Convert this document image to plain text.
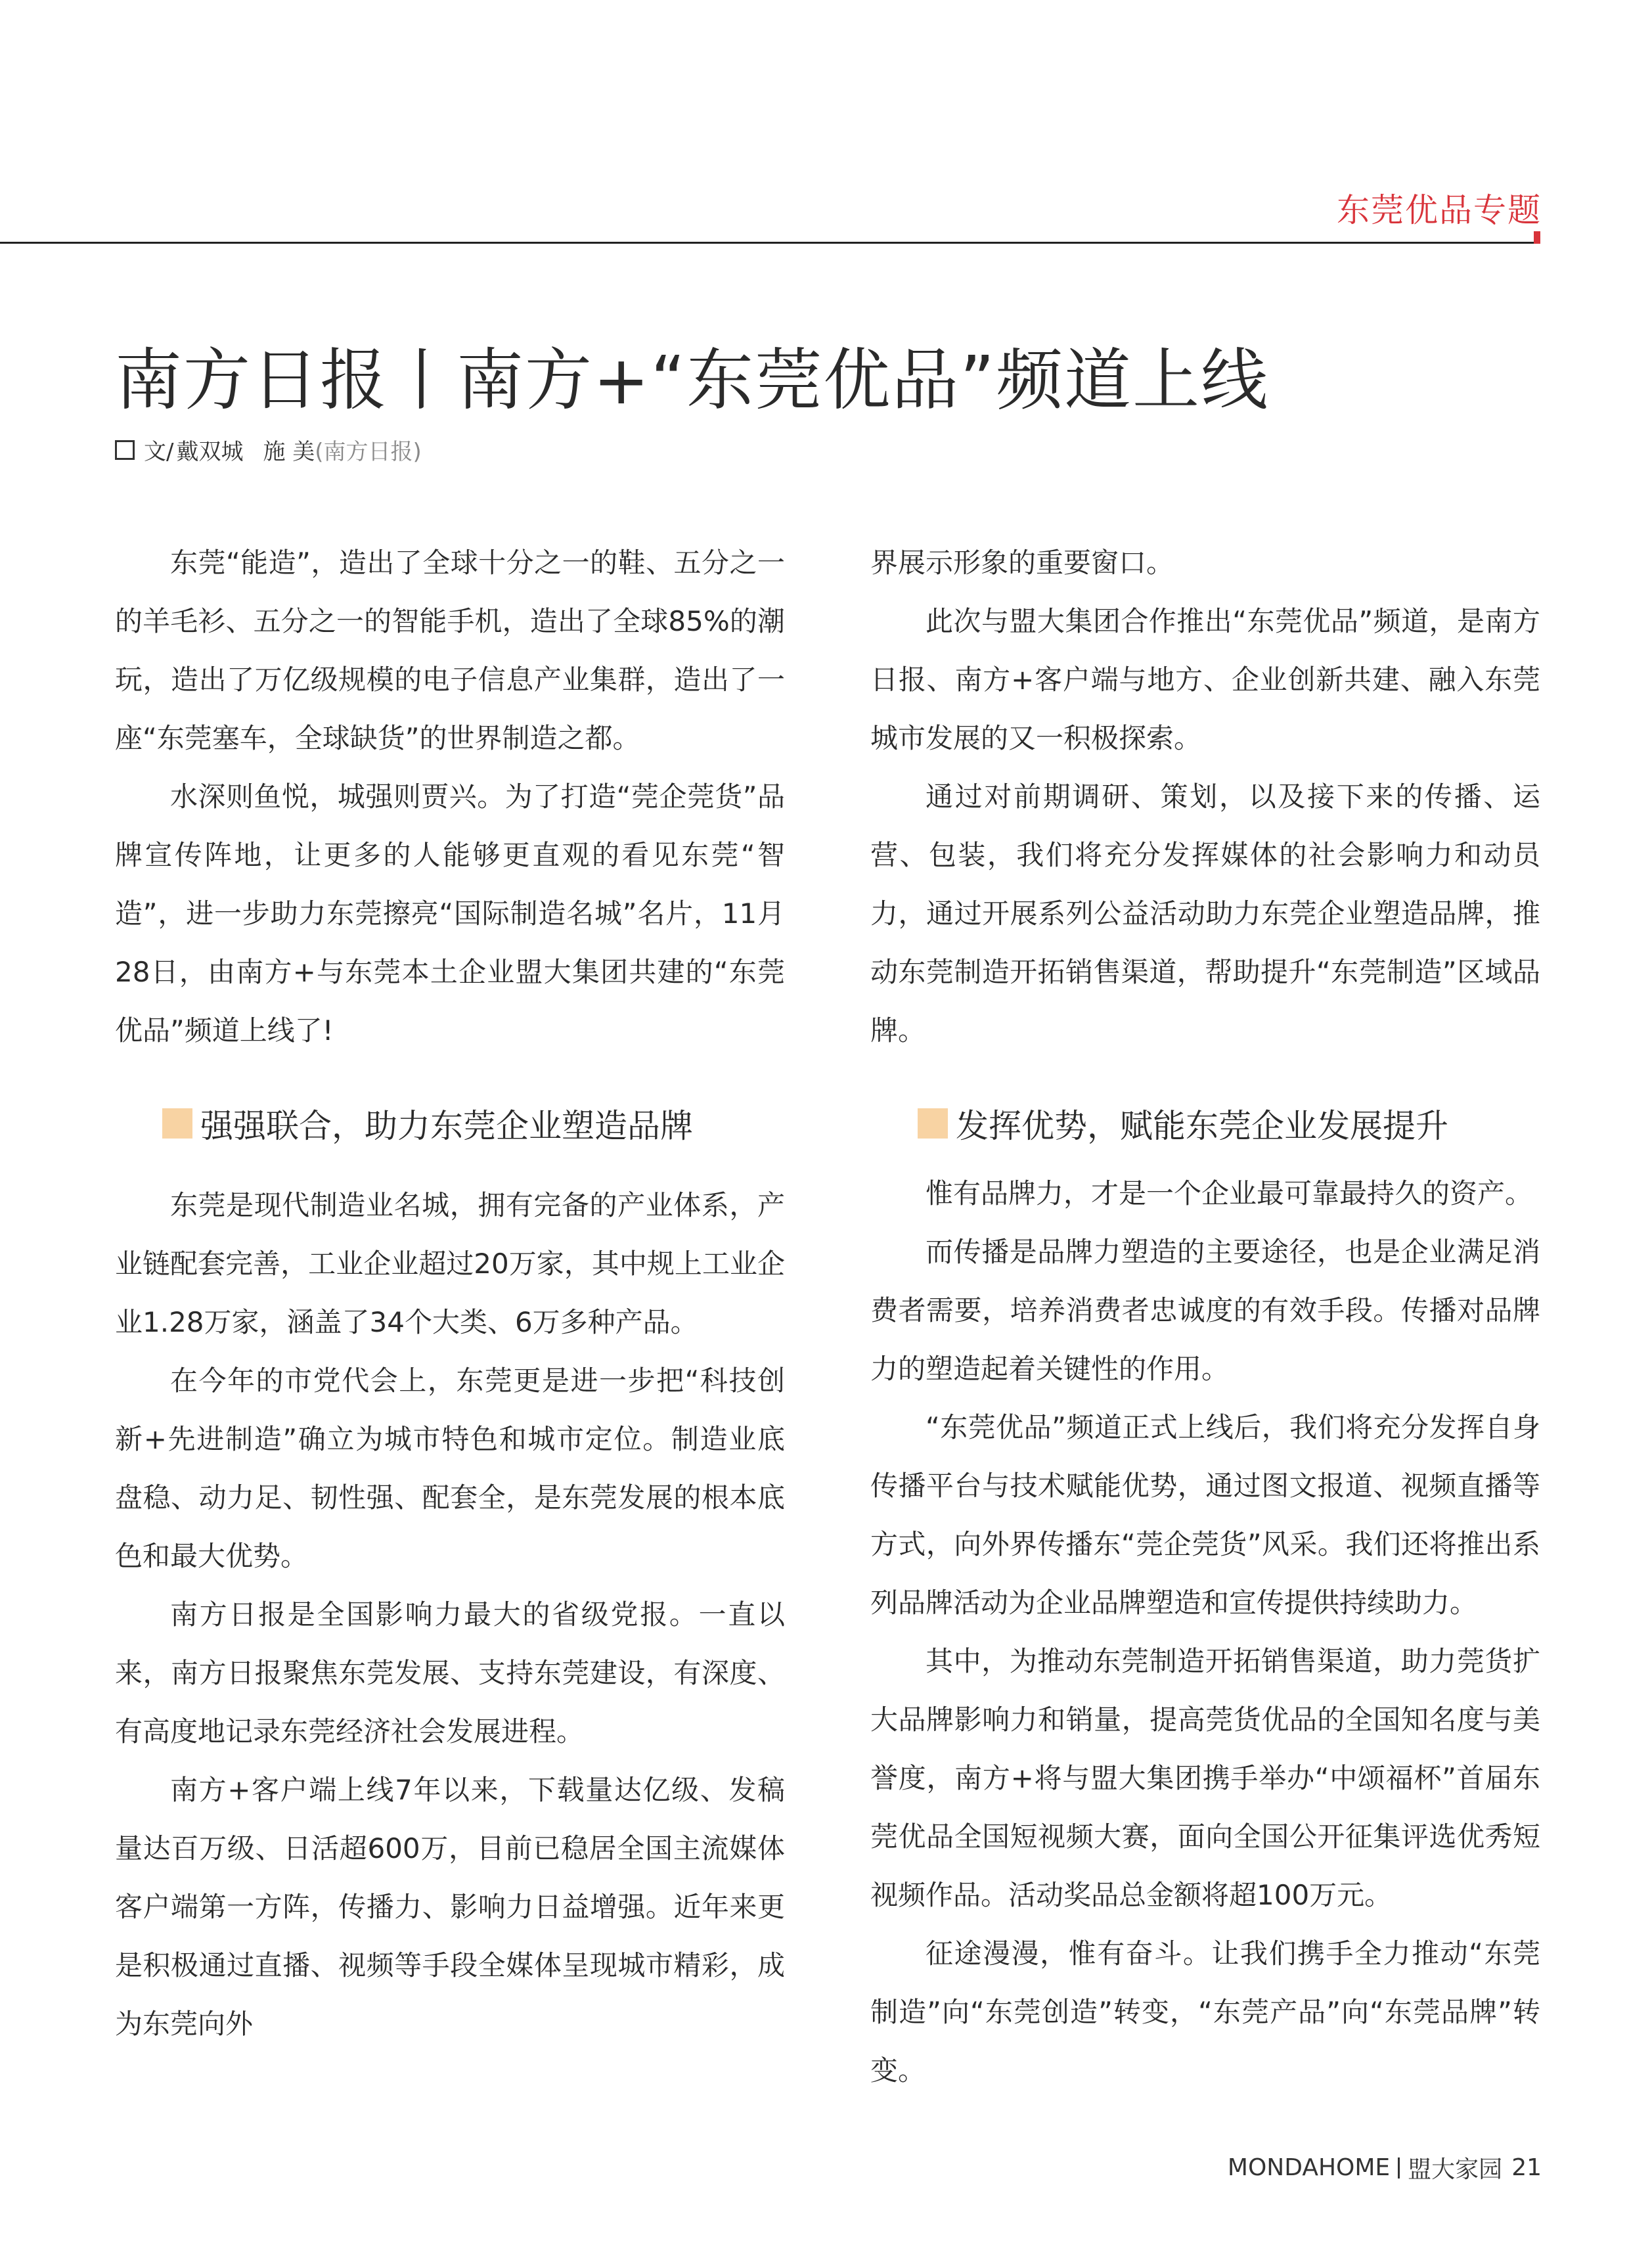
东莞优品专题
南方日报丨南方+“东莞优品”频道上线
文/ 戴双城 施 美 (南方日报)

东莞“能造”，造出了全球十分之一的鞋、五分之一的羊毛衫、五分之一的智能手机，造出了全球85%的潮玩，造出了万亿级规模的电子信息产业集群，造出了一座“东莞塞车，全球缺货”的世界制造之都。

水深则鱼悦，城强则贾兴。为了打造“莞企莞货”品牌宣传阵地，让更多的人能够更直观的看见东莞“智造”，进一步助力东莞擦亮“国际制造名城”名片，11月28日，由南方+与东莞本土企业盟大集团共建的“东莞优品”频道上线了!

强强联合，助力东莞企业塑造品牌

东莞是现代制造业名城，拥有完备的产业体系，产业链配套完善，工业企业超过20万家，其中规上工业企业1.28万家，涵盖了34个大类、6万多种产品。

在今年的市党代会上，东莞更是进一步把“科技创新+先进制造”确立为城市特色和城市定位。制造业底盘稳、动力足、韧性强、配套全，是东莞发展的根本底色和最大优势。

南方日报是全国影响力最大的省级党报。一直以来，南方日报聚焦东莞发展、支持东莞建设，有深度、有高度地记录东莞经济社会发展进程。

南方+客户端上线7年以来，下载量达亿级、发稿量达百万级、日活超600万，目前已稳居全国主流媒体客户端第一方阵，传播力、影响力日益增强。近年来更是积极通过直播、视频等手段全媒体呈现城市精彩，成为东莞向外

界展示形象的重要窗口。

此次与盟大集团合作推出“东莞优品”频道，是南方日报、南方+客户端与地方、企业创新共建、融入东莞城市发展的又一积极探索。

通过对前期调研、策划，以及接下来的传播、运营、包装，我们将充分发挥媒体的社会影响力和动员力，通过开展系列公益活动助力东莞企业塑造品牌，推动东莞制造开拓销售渠道，帮助提升“东莞制造”区域品牌。

发挥优势，赋能东莞企业发展提升

惟有品牌力，才是一个企业最可靠最持久的资产。

而传播是品牌力塑造的主要途径，也是企业满足消费者需要，培养消费者忠诚度的有效手段。传播对品牌力的塑造起着关键性的作用。

“东莞优品”频道正式上线后，我们将充分发挥自身传播平台与技术赋能优势，通过图文报道、视频直播等方式，向外界传播东“莞企莞货”风采。我们还将推出系列品牌活动为企业品牌塑造和宣传提供持续助力。

其中，为推动东莞制造开拓销售渠道，助力莞货扩大品牌影响力和销量，提高莞货优品的全国知名度与美誉度，南方+将与盟大集团携手举办“中颂福杯”首届东莞优品全国短视频大赛，面向全国公开征集评选优秀短视频作品。活动奖品总金额将超100万元。

征途漫漫，惟有奋斗。让我们携手全力推动“东莞制造”向“东莞创造”转变，“东莞产品”向“东莞品牌”转变。

MONDAHOME 盟大家园 21
